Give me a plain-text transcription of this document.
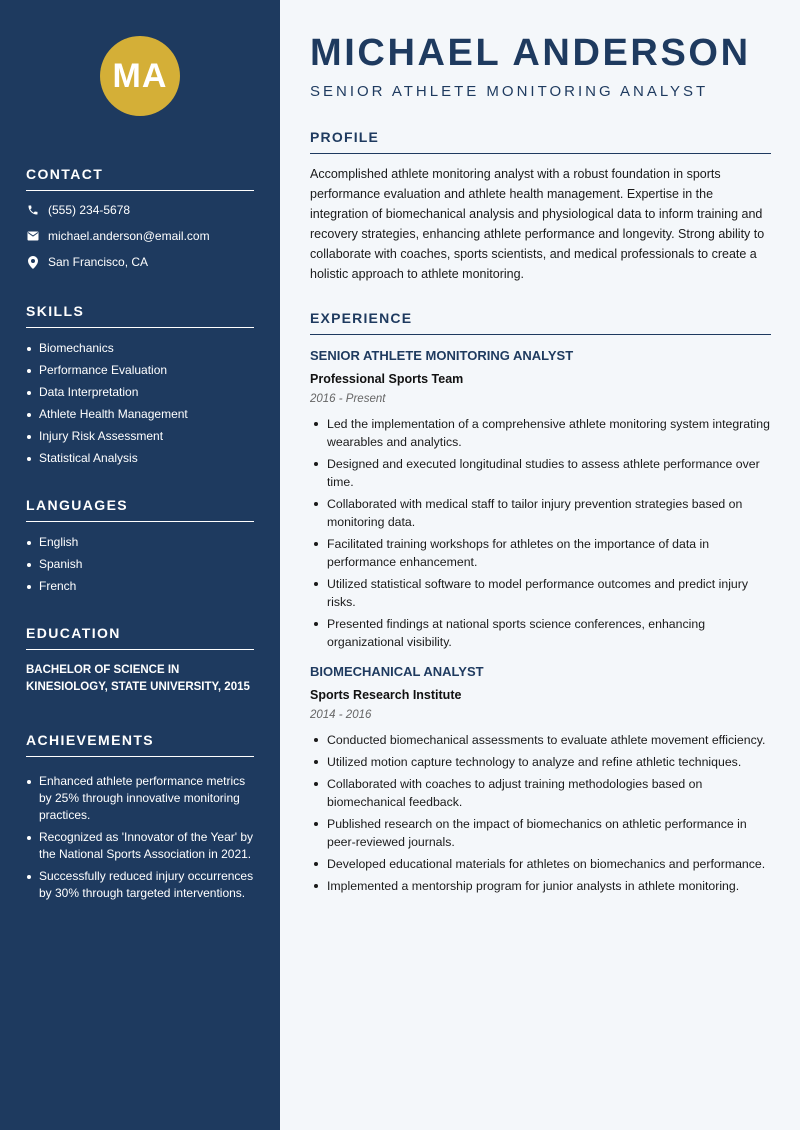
MA
CONTACT
(555) 234-5678
michael.anderson@email.com
San Francisco, CA
SKILLS
Biomechanics
Performance Evaluation
Data Interpretation
Athlete Health Management
Injury Risk Assessment
Statistical Analysis
LANGUAGES
English
Spanish
French
EDUCATION

BACHELOR OF SCIENCE IN KINESIOLOGY, STATE UNIVERSITY, 2015

ACHIEVEMENTS
Enhanced athlete performance metrics by 25% through innovative monitoring practices.
Recognized as 'Innovator of the Year' by the National Sports Association in 2021.
Successfully reduced injury occurrences by 30% through targeted interventions.
MICHAEL ANDERSON
SENIOR ATHLETE MONITORING ANALYST
PROFILE

Accomplished athlete monitoring analyst with a robust foundation in sports performance evaluation and athlete health management. Expertise in the integration of biomechanical analysis and physiological data to inform training and recovery strategies, enhancing athlete performance and longevity. Strong ability to collaborate with coaches, sports scientists, and medical professionals to create a holistic approach to athlete monitoring.

EXPERIENCE
SENIOR ATHLETE MONITORING ANALYST
Professional Sports Team
2016 - Present
Led the implementation of a comprehensive athlete monitoring system integrating wearables and analytics.
Designed and executed longitudinal studies to assess athlete performance over time.
Collaborated with medical staff to tailor injury prevention strategies based on monitoring data.
Facilitated training workshops for athletes on the importance of data in performance enhancement.
Utilized statistical software to model performance outcomes and predict injury risks.
Presented findings at national sports science conferences, enhancing organizational visibility.
BIOMECHANICAL ANALYST
Sports Research Institute
2014 - 2016
Conducted biomechanical assessments to evaluate athlete movement efficiency.
Utilized motion capture technology to analyze and refine athletic techniques.
Collaborated with coaches to adjust training methodologies based on biomechanical feedback.
Published research on the impact of biomechanics on athletic performance in peer-reviewed journals.
Developed educational materials for athletes on biomechanics and performance.
Implemented a mentorship program for junior analysts in athlete monitoring.
